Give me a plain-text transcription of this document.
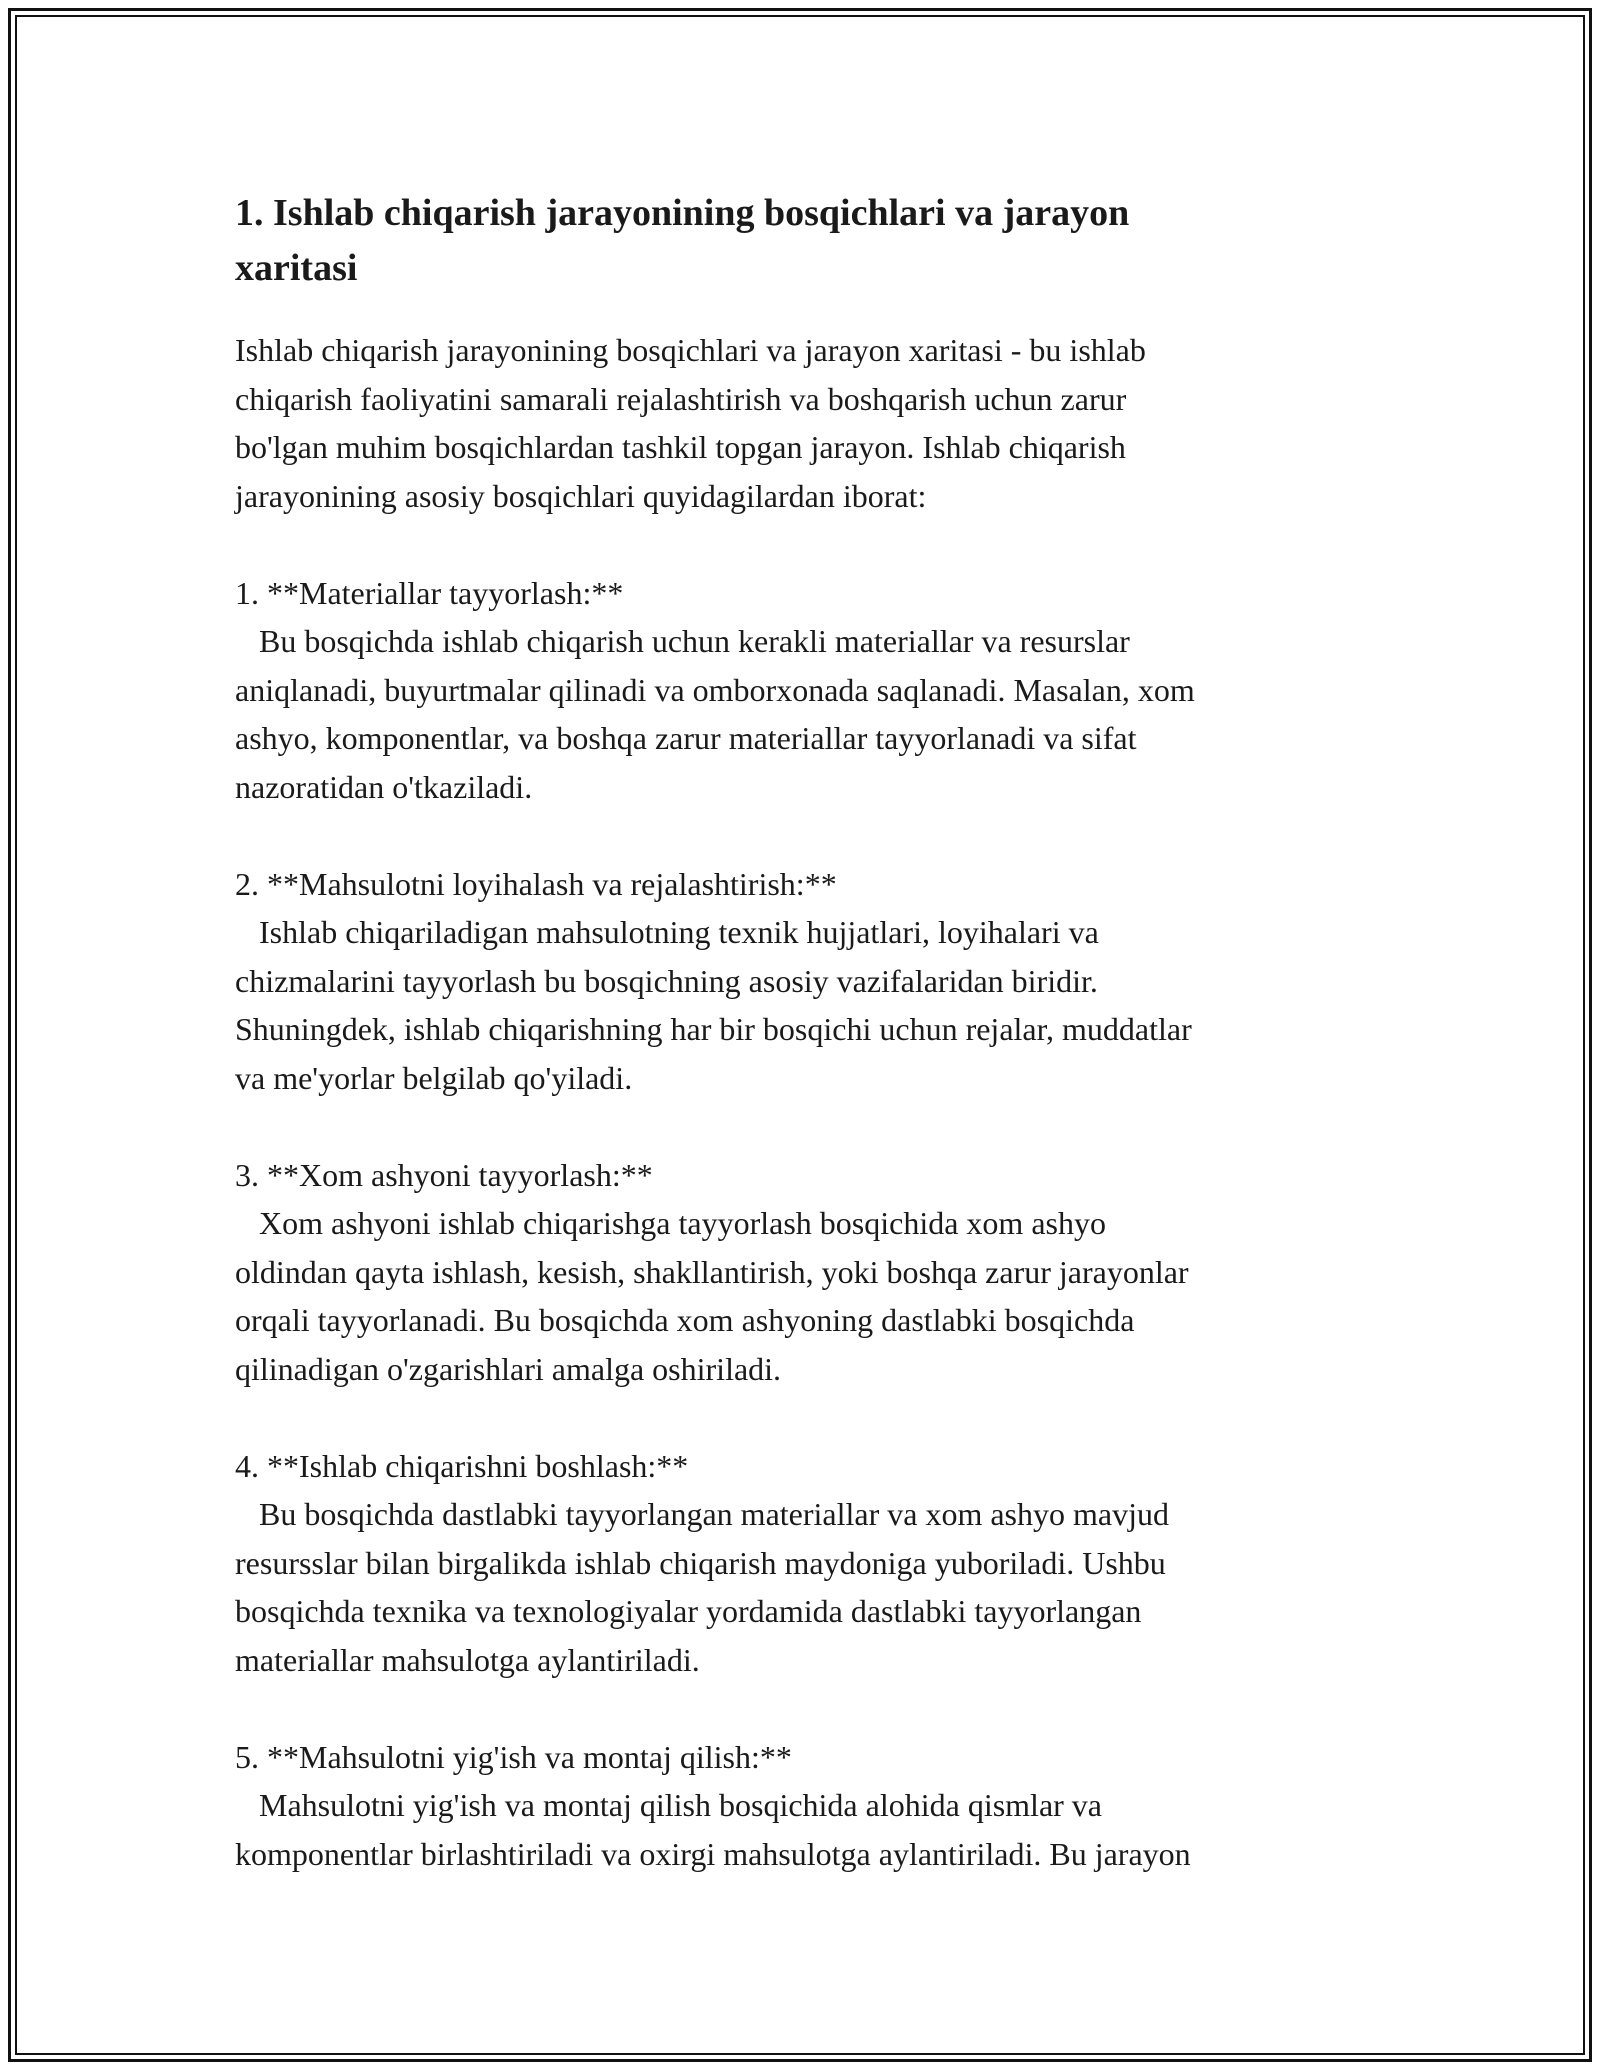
1. Ishlab chiqarish jarayonining bosqichlari va jarayon
xaritasi

Ishlab chiqarish jarayonining bosqichlari va jarayon xaritasi - bu ishlab
chiqarish faoliyatini samarali rejalashtirish va boshqarish uchun zarur
bo'lgan muhim bosqichlardan tashkil topgan jarayon. Ishlab chiqarish
jarayonining asosiy bosqichlari quyidagilardan iborat:

1. **Materiallar tayyorlash:**

Bu bosqichda ishlab chiqarish uchun kerakli materiallar va resurslar
aniqlanadi, buyurtmalar qilinadi va omborxonada saqlanadi. Masalan, xom
ashyo, komponentlar, va boshqa zarur materiallar tayyorlanadi va sifat
nazoratidan o'tkaziladi.

2. **Mahsulotni loyihalash va rejalashtirish:**

Ishlab chiqariladigan mahsulotning texnik hujjatlari, loyihalari va
chizmalarini tayyorlash bu bosqichning asosiy vazifalaridan biridir.
Shuningdek, ishlab chiqarishning har bir bosqichi uchun rejalar, muddatlar
va me'yorlar belgilab qo'yiladi.

3. **Xom ashyoni tayyorlash:**

Xom ashyoni ishlab chiqarishga tayyorlash bosqichida xom ashyo
oldindan qayta ishlash, kesish, shakllantirish, yoki boshqa zarur jarayonlar
orqali tayyorlanadi. Bu bosqichda xom ashyoning dastlabki bosqichda
qilinadigan o'zgarishlari amalga oshiriladi.

4. **Ishlab chiqarishni boshlash:**

Bu bosqichda dastlabki tayyorlangan materiallar va xom ashyo mavjud
resursslar bilan birgalikda ishlab chiqarish maydoniga yuboriladi. Ushbu
bosqichda texnika va texnologiyalar yordamida dastlabki tayyorlangan
materiallar mahsulotga aylantiriladi.

5. **Mahsulotni yig'ish va montaj qilish:**

Mahsulotni yig'ish va montaj qilish bosqichida alohida qismlar va
komponentlar birlashtiriladi va oxirgi mahsulotga aylantiriladi. Bu jarayon
